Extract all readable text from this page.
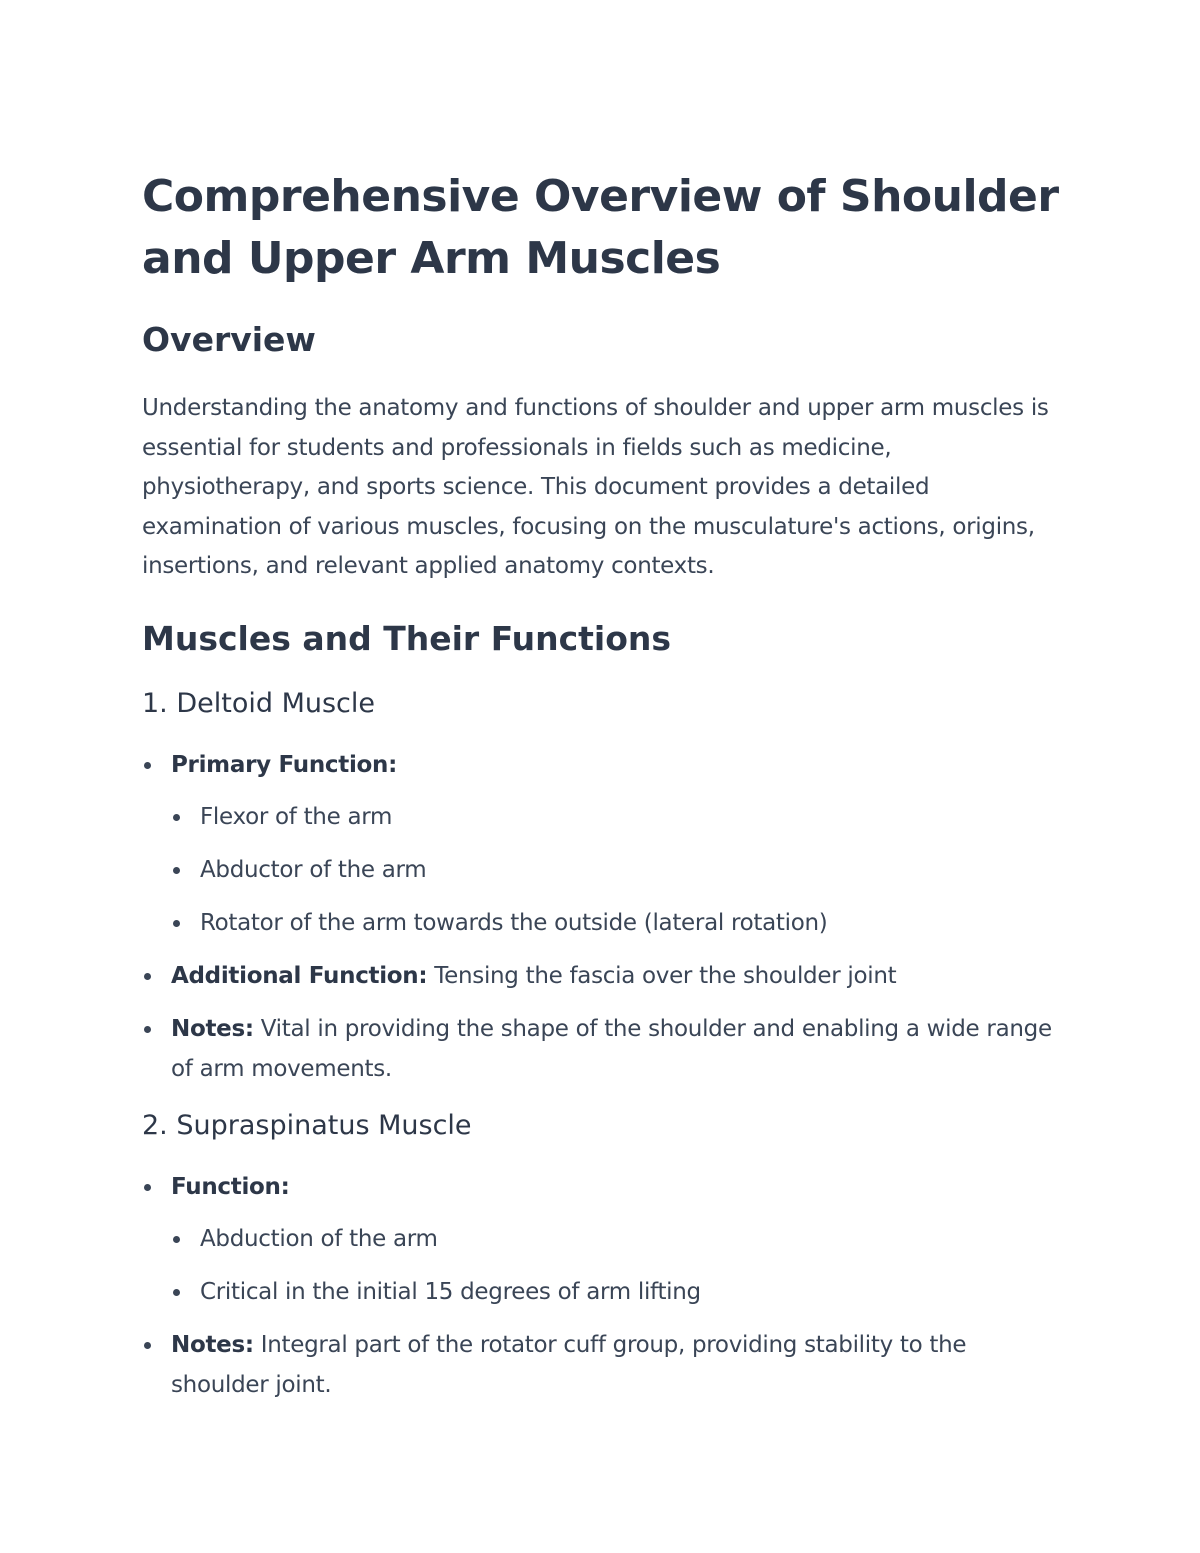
Comprehensive Overview of Shoulder and Upper Arm Muscles
Overview

Understanding the anatomy and functions of shoulder and upper arm muscles is essential for students and professionals in fields such as medicine, physiotherapy, and sports science. This document provides a detailed examination of various muscles, focusing on the musculature's actions, origins, insertions, and relevant applied anatomy contexts.

Muscles and Their Functions
1. Deltoid Muscle
Primary Function:
Flexor of the arm
Abductor of the arm
Rotator of the arm towards the outside (lateral rotation)
Additional Function: Tensing the fascia over the shoulder joint
Notes: Vital in providing the shape of the shoulder and enabling a wide range of arm movements.
2. Supraspinatus Muscle
Function:
Abduction of the arm
Critical in the initial 15 degrees of arm lifting
Notes: Integral part of the rotator cuff group, providing stability to the shoulder joint.
